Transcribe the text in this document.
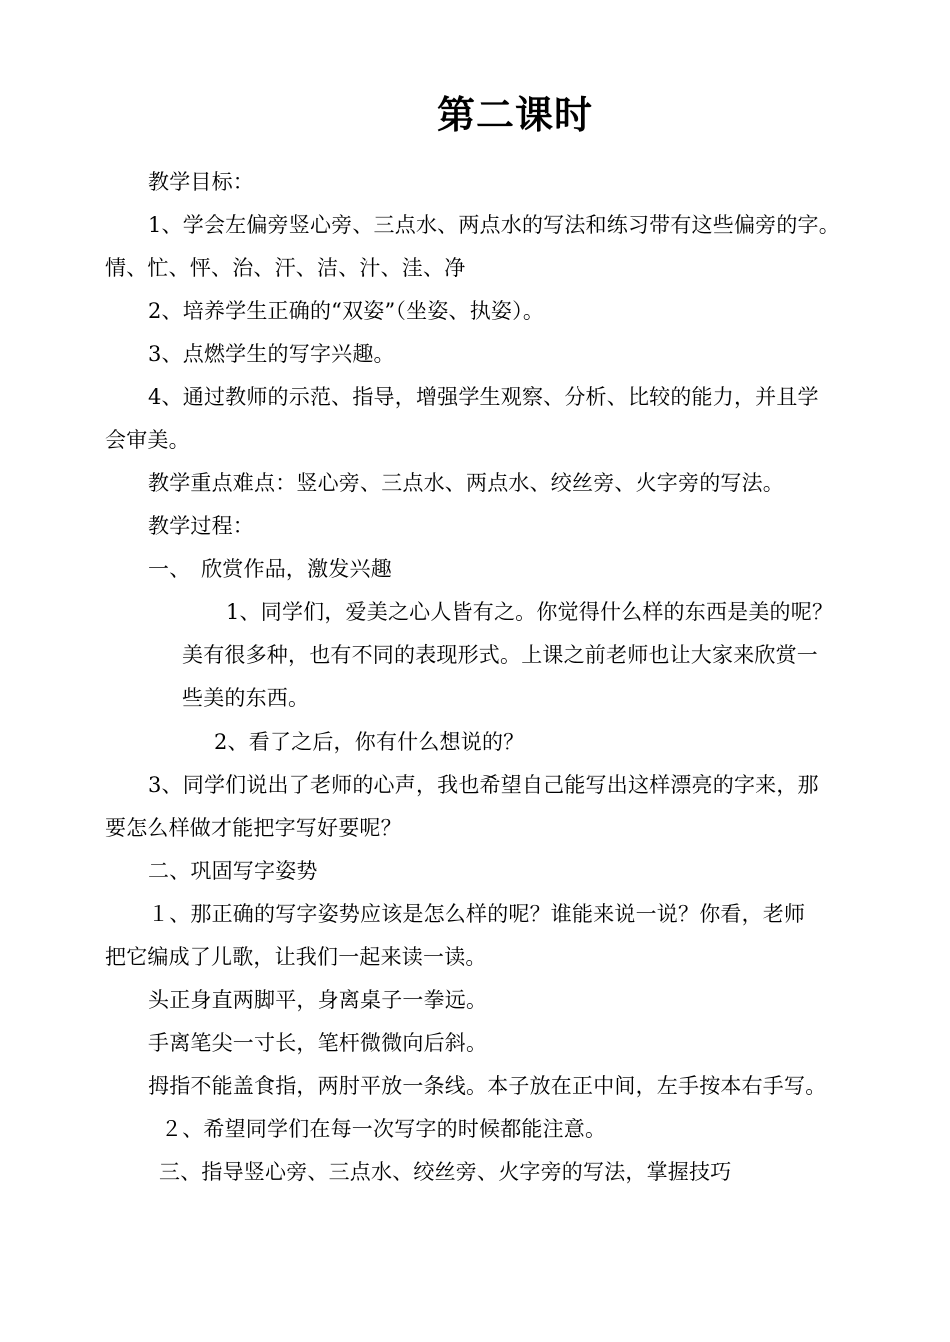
第二课时
教学目标：
1、学会左偏旁竖心旁、三点水、两点水的写法和练习带有这些偏旁的字。
情、忙、怦、治、汗、洁、汁、洼、净
2、培养学生正确的“双姿”（坐姿、执姿）。
3、点燃学生的写字兴趣。
4、通过教师的示范、指导，增强学生观察、分析、比较的能力，并且学
会审美。
教学重点难点：竖心旁、三点水、两点水、绞丝旁、火字旁的写法。
教学过程：
一、　欣赏作品，激发兴趣
1、同学们，爱美之心人皆有之。你觉得什么样的东西是美的呢？
美有很多种，也有不同的表现形式。上课之前老师也让大家来欣赏一
些美的东西。
2、看了之后，你有什么想说的？
3、同学们说出了老师的心声，我也希望自己能写出这样漂亮的字来，那
要怎么样做才能把字写好要呢？
二、巩固写字姿势
１、那正确的写字姿势应该是怎么样的呢？谁能来说一说？你看，老师
把它编成了儿歌，让我们一起来读一读。
头正身直两脚平，身离桌子一拳远。
手离笔尖一寸长，笔杆微微向后斜。
拇指不能盖食指，两肘平放一条线。本子放在正中间，左手按本右手写。
２、希望同学们在每一次写字的时候都能注意。
三、指导竖心旁、三点水、绞丝旁、火字旁的写法，掌握技巧
